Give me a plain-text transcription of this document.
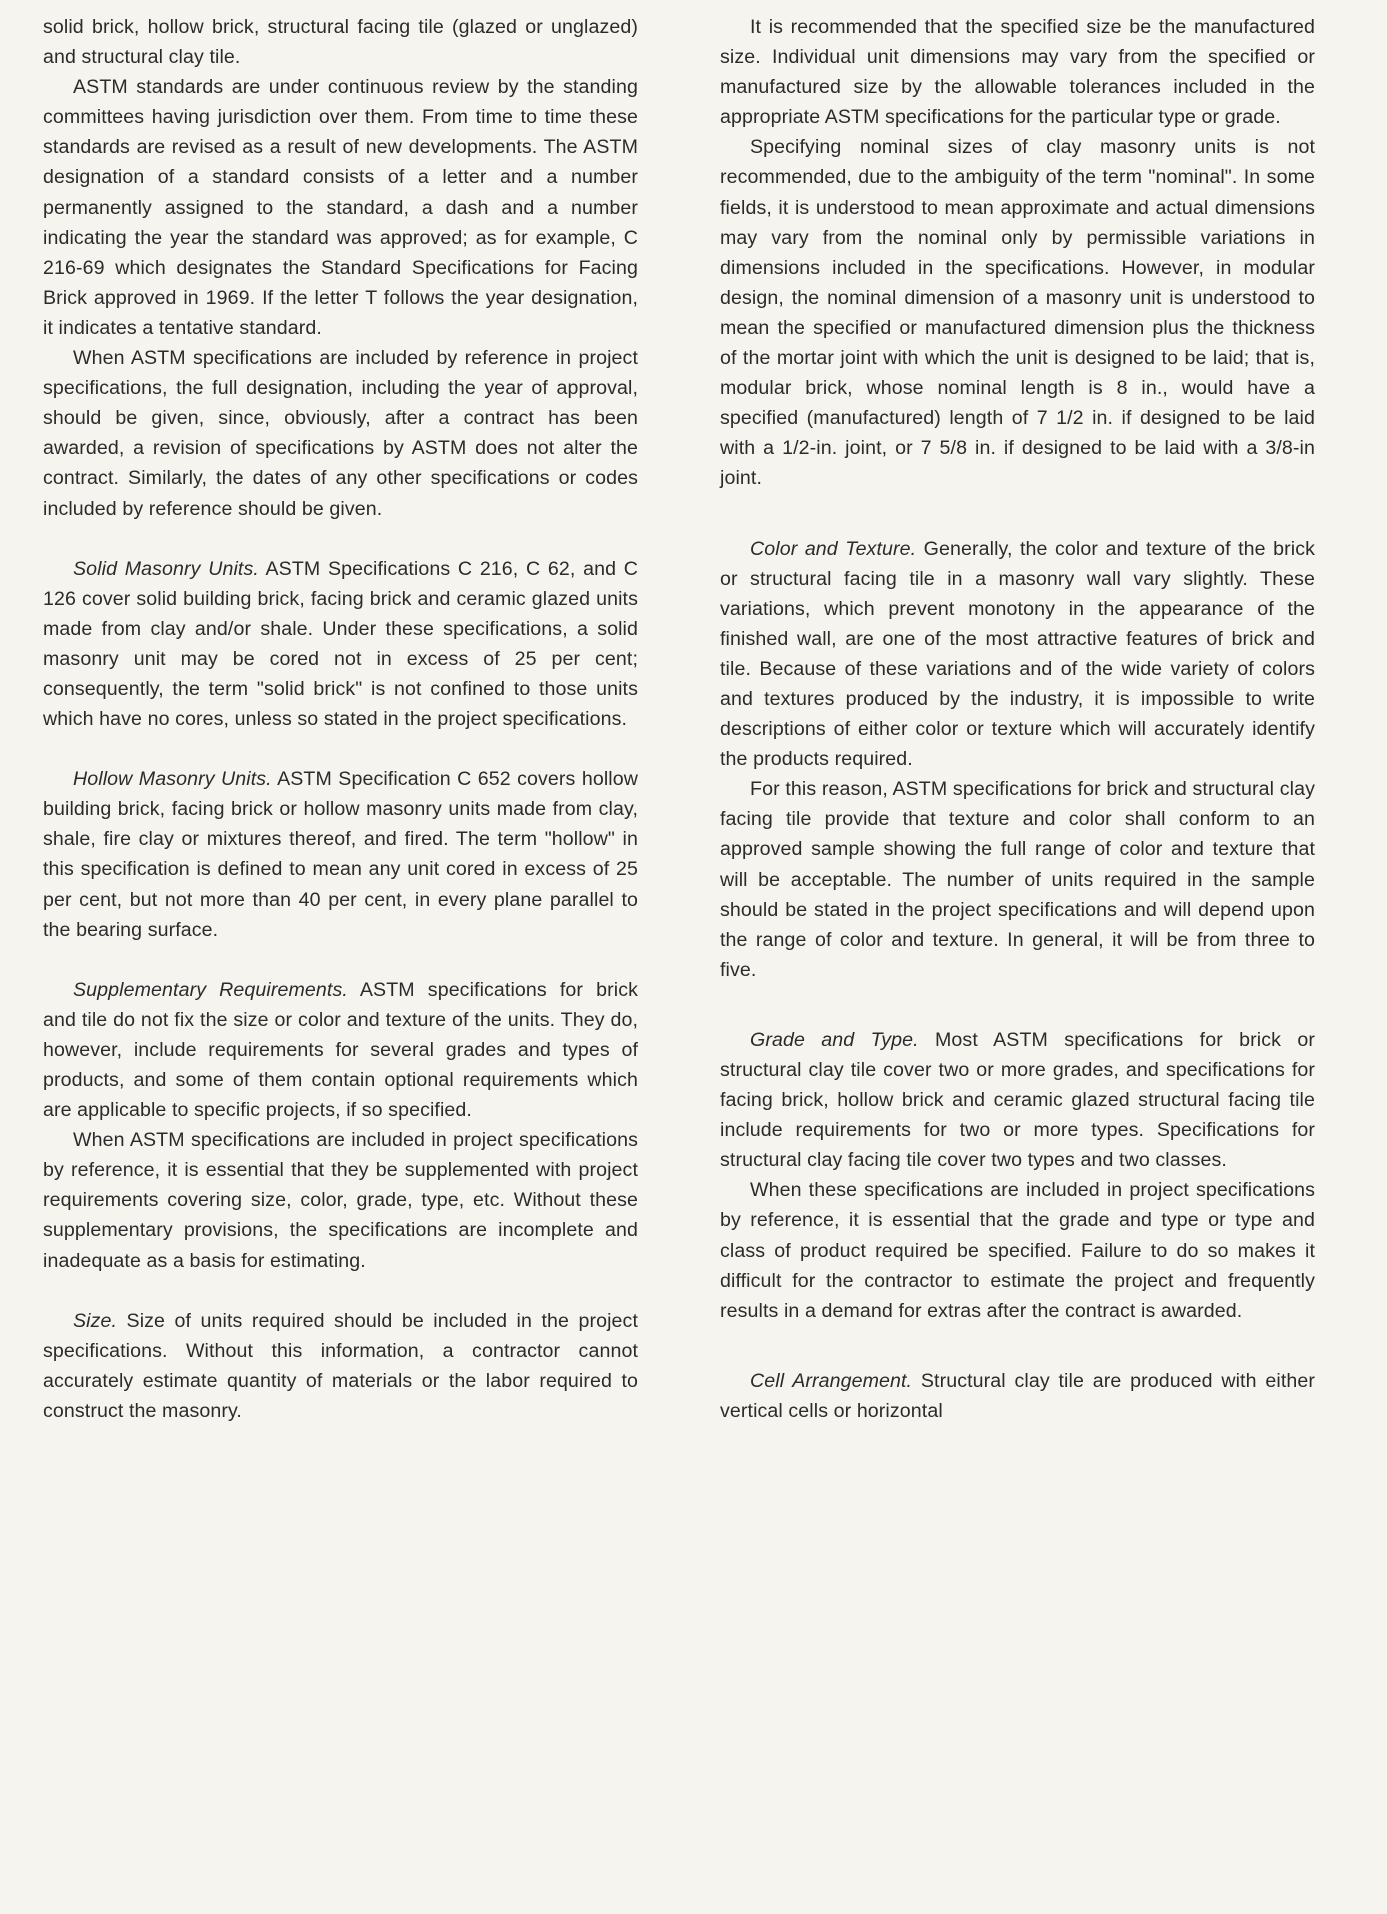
solid brick, hollow brick, structural facing tile (glazed or unglazed) and structural clay tile.

ASTM standards are under continuous review by the standing committees having jurisdiction over them. From time to time these standards are revised as a result of new developments. The ASTM designation of a standard consists of a letter and a number permanently assigned to the standard, a dash and a number indicating the year the standard was approved; as for example, C 216-69 which designates the Standard Specifications for Facing Brick approved in 1969. If the letter T follows the year designation, it indicates a tentative standard.

When ASTM specifications are included by reference in project specifications, the full designation, including the year of approval, should be given, since, obviously, after a contract has been awarded, a revision of specifications by ASTM does not alter the contract. Similarly, the dates of any other specifications or codes included by reference should be given.

Solid Masonry Units. ASTM Specifications C 216, C 62, and C 126 cover solid building brick, facing brick and ceramic glazed units made from clay and/or shale. Under these specifications, a solid masonry unit may be cored not in excess of 25 per cent; consequently, the term "solid brick" is not confined to those units which have no cores, unless so stated in the project specifications.

Hollow Masonry Units. ASTM Specification C 652 covers hollow building brick, facing brick or hollow masonry units made from clay, shale, fire clay or mixtures thereof, and fired. The term "hollow" in this specification is defined to mean any unit cored in excess of 25 per cent, but not more than 40 per cent, in every plane parallel to the bearing surface.

Supplementary Requirements. ASTM specifications for brick and tile do not fix the size or color and texture of the units. They do, however, include requirements for several grades and types of products, and some of them contain optional requirements which are applicable to specific projects, if so specified.

When ASTM specifications are included in project specifications by reference, it is essential that they be supplemented with project requirements covering size, color, grade, type, etc. Without these supplementary provisions, the specifications are incomplete and inadequate as a basis for estimating.

Size. Size of units required should be included in the project specifications. Without this information, a contractor cannot accurately estimate quantity of materials or the labor required to construct the masonry.

It is recommended that the specified size be the manufactured size. Individual unit dimensions may vary from the specified or manufactured size by the allowable tolerances included in the appropriate ASTM specifications for the particular type or grade.

Specifying nominal sizes of clay masonry units is not recommended, due to the ambiguity of the term "nominal". In some fields, it is understood to mean approximate and actual dimensions may vary from the nominal only by permissible variations in dimensions included in the specifications. However, in modular design, the nominal dimension of a masonry unit is understood to mean the specified or manufactured dimension plus the thickness of the mortar joint with which the unit is designed to be laid; that is, modular brick, whose nominal length is 8 in., would have a specified (manufactured) length of 7 1/2 in. if designed to be laid with a 1/2-in. joint, or 7 5/8 in. if designed to be laid with a 3/8-in joint.

Color and Texture. Generally, the color and texture of the brick or structural facing tile in a masonry wall vary slightly. These variations, which prevent monotony in the appearance of the finished wall, are one of the most attractive features of brick and tile. Because of these variations and of the wide variety of colors and textures produced by the industry, it is impossible to write descriptions of either color or texture which will accurately identify the products required.

For this reason, ASTM specifications for brick and structural clay facing tile provide that texture and color shall conform to an approved sample showing the full range of color and texture that will be acceptable. The number of units required in the sample should be stated in the project specifications and will depend upon the range of color and texture. In general, it will be from three to five.

Grade and Type. Most ASTM specifications for brick or structural clay tile cover two or more grades, and specifications for facing brick, hollow brick and ceramic glazed structural facing tile include requirements for two or more types. Specifications for structural clay facing tile cover two types and two classes.

When these specifications are included in project specifications by reference, it is essential that the grade and type or type and class of product required be specified. Failure to do so makes it difficult for the contractor to estimate the project and frequently results in a demand for extras after the contract is awarded.

Cell Arrangement. Structural clay tile are produced with either vertical cells or horizontal
